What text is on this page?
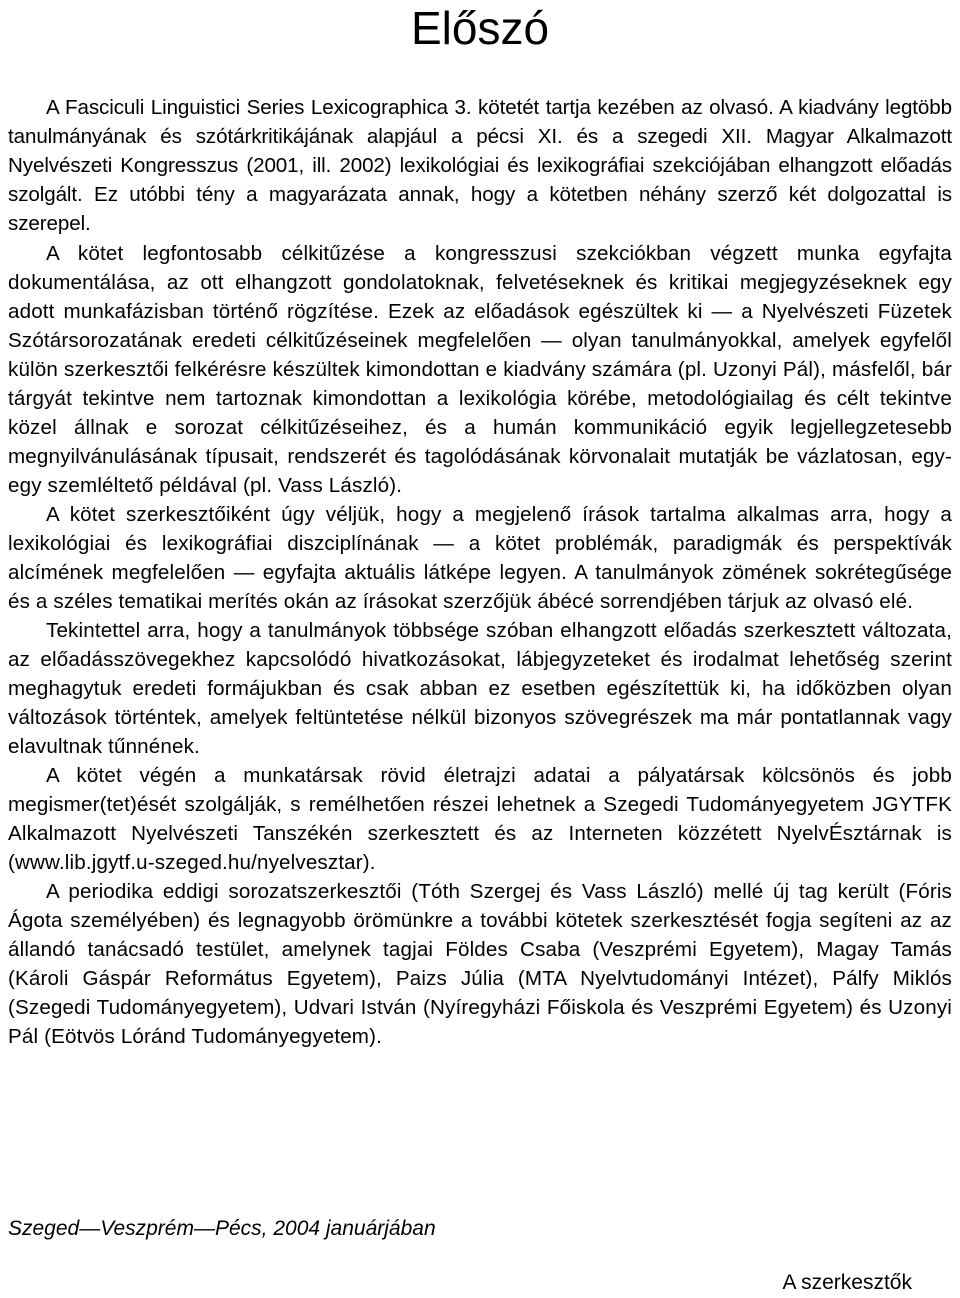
Előszó

A Fasciculi Linguistici Series Lexicographica 3. kötetét tartja kezében az olvasó. A kiadvány legtöbb tanulmányának és szótárkritikájának alapjául a pécsi XI. és a szegedi XII. Magyar Alkalmazott Nyelvészeti Kongresszus (2001, ill. 2002) lexikológiai és lexikográfiai szekciójában elhangzott előadás szolgált. Ez utóbbi tény a magyarázata annak, hogy a kötetben néhány szerző két dolgozattal is szerepel.

A kötet legfontosabb célkitűzése a kongresszusi szekciókban végzett munka egyfajta dokumentálása, az ott elhangzott gondolatoknak, felvetéseknek és kritikai megjegyzéseknek egy adott munkafázisban történő rögzítése. Ezek az előadások egészültek ki — a Nyelvészeti Füzetek Szótársorozatának eredeti célkitűzéseinek megfelelően — olyan tanulmányokkal, amelyek egyfelől külön szerkesztői felkérésre készültek kimondottan e kiadvány számára (pl. Uzonyi Pál), másfelől, bár tárgyát tekintve nem tartoznak kimondottan a lexikológia körébe, metodológiailag és célt tekintve közel állnak e sorozat célkitűzéseihez, és a humán kommunikáció egyik legjellegzetesebb megnyilvánulásának típusait, rendszerét és tagolódásának körvonalait mutatják be vázlatosan, egy-egy szemléltető példával (pl. Vass László).

A kötet szerkesztőiként úgy véljük, hogy a megjelenő írások tartalma alkalmas arra, hogy a lexikológiai és lexikográfiai diszciplínának — a kötet problémák, paradigmák és perspektívák alcímének megfelelően — egyfajta aktuális látképe legyen. A tanulmányok zömének sokrétegűsége és a széles tematikai merítés okán az írásokat szerzőjük ábécé sorrendjében tárjuk az olvasó elé.

Tekintettel arra, hogy a tanulmányok többsége szóban elhangzott előadás szerkesztett változata, az előadásszövegekhez kapcsolódó hivatkozásokat, lábjegyzeteket és irodalmat lehetőség szerint meghagytuk eredeti formájukban és csak abban ez esetben egészítettük ki, ha időközben olyan változások történtek, amelyek feltüntetése nélkül bizonyos szövegrészek ma már pontatlannak vagy elavultnak tűnnének.

A kötet végén a munkatársak rövid életrajzi adatai a pályatársak kölcsönös és jobb megismer(tet)ését szolgálják, s remélhetően részei lehetnek a Szegedi Tudományegyetem JGYTFK Alkalmazott Nyelvészeti Tanszékén szerkesztett és az Interneten közzétett NyelvÉsztárnak is (www.lib.jgytf.u-szeged.hu/nyelvesztar).

A periodika eddigi sorozatszerkesztői (Tóth Szergej és Vass László) mellé új tag került (Fóris Ágota személyében) és legnagyobb örömünkre a további kötetek szerkesztését fogja segíteni az az állandó tanácsadó testület, amelynek tagjai Földes Csaba (Veszprémi Egyetem), Magay Tamás (Károli Gáspár Református Egyetem), Paizs Júlia (MTA Nyelvtudományi Intézet), Pálfy Miklós (Szegedi Tudományegyetem), Udvari István (Nyíregyházi Főiskola és Veszprémi Egyetem) és Uzonyi Pál (Eötvös Lóránd Tudományegyetem).

Szeged—Veszprém—Pécs, 2004 januárjában
A szerkesztők
